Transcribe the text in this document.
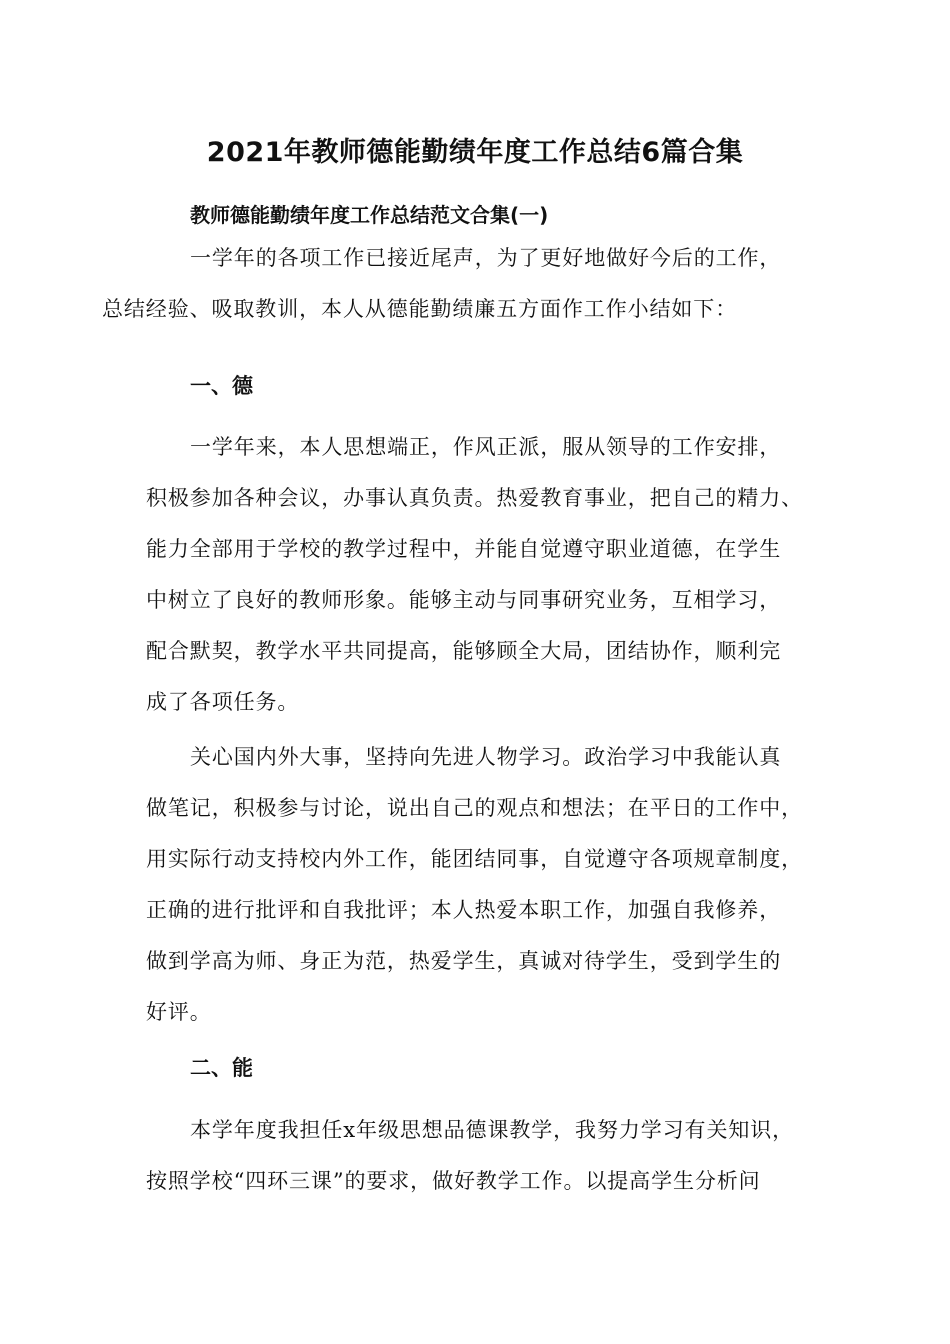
2021年教师德能勤绩年度工作总结6篇合集
教师德能勤绩年度工作总结范文合集(一)
一学年的各项工作已接近尾声，为了更好地做好今后的工作，
总结经验、吸取教训，本人从德能勤绩廉五方面作工作小结如下：
一、德
一学年来，本人思想端正，作风正派，服从领导的工作安排，
积极参加各种会议，办事认真负责。热爱教育事业，把自己的精力、
能力全部用于学校的教学过程中，并能自觉遵守职业道德，在学生
中树立了良好的教师形象。能够主动与同事研究业务，互相学习，
配合默契，教学水平共同提高，能够顾全大局，团结协作，顺利完
成了各项任务。
关心国内外大事，坚持向先进人物学习。政治学习中我能认真
做笔记，积极参与讨论，说出自己的观点和想法；在平日的工作中，
用实际行动支持校内外工作，能团结同事，自觉遵守各项规章制度，
正确的进行批评和自我批评；本人热爱本职工作，加强自我修养，
做到学高为师、身正为范，热爱学生，真诚对待学生，受到学生的
好评。
二、能
本学年度我担任x年级思想品德课教学，我努力学习有关知识，
按照学校“四环三课”的要求，做好教学工作。以提高学生分析问
